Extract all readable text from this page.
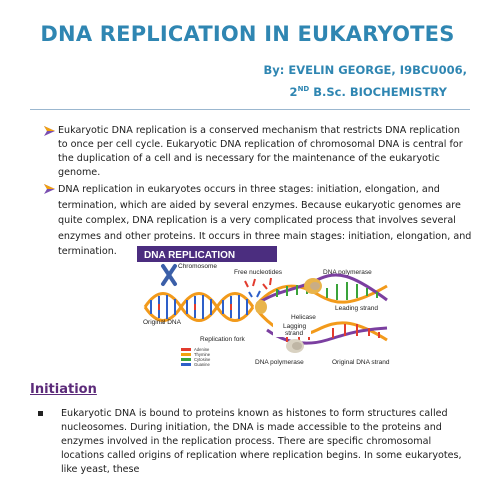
DNA REPLICATION IN EUKARYOTES
By: EVELIN GEORGE, I9BCU006,
2ND B.Sc. BIOCHEMISTRY
Eukaryotic DNA replication is a conserved mechanism that restricts DNA replication to once per cell cycle. Eukaryotic DNA replication of chromosomal DNA is central for the duplication of a cell and is necessary for the maintenance of the eukaryotic genome.
DNA replication in eukaryotes occurs in three stages: initiation, elongation, and termination, which are aided by several enzymes. Because eukaryotic genomes are quite complex, DNA replication is a very complicated process that involves several enzymes and other proteins. It occurs in three main stages: initiation, elongation, and termination.	DNA REPLICATION
Chromosome
Free nucleotides	DNA polymerase
Original DNA
Leading strand
Helicase
Lagging
strand
Replication fork
DNA polymerase	Original DNA strand
Adenine
Thymine
Cytosine
Guanine
Initiation
Eukaryotic DNA is bound to proteins known as histones to form structures called nucleosomes. During initiation, the DNA is made accessible to the proteins and enzymes involved in the replication process. There are specific chromosomal locations called origins of replication where replication begins. In some eukaryotes, like yeast, these
